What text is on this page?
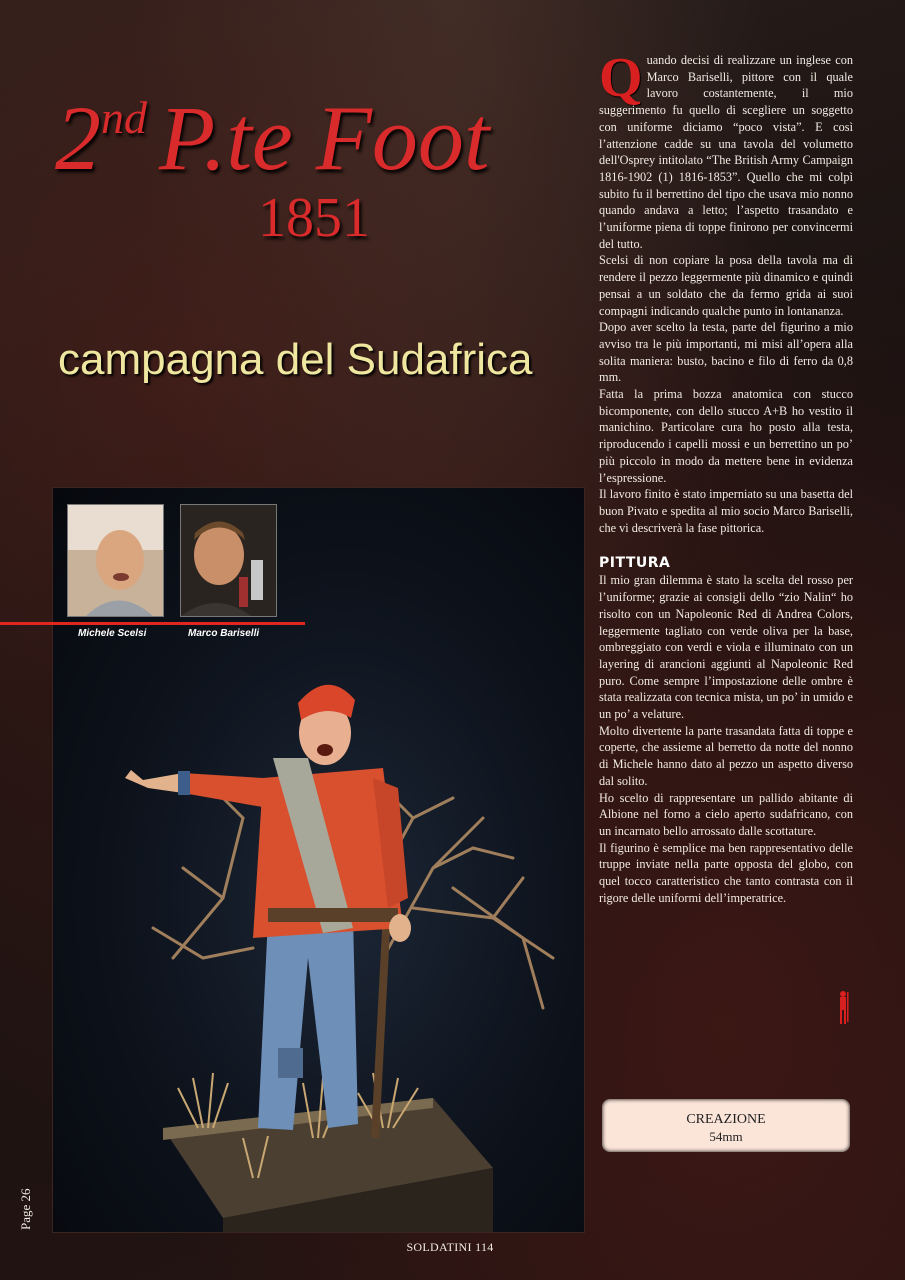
2nd P.te Foot
1851
campagna del Sudafrica
Michele Scelsi	Marco Bariselli

Quando decisi di realizzare un inglese con Marco Bariselli, pittore con il quale lavoro costantemente, il mio suggerimento fu quello di scegliere un soggetto con uniforme diciamo “poco vista”. E così l’attenzione cadde su una tavola del volumetto dell'Osprey intitolato “The British Army Campaign 1816-1902 (1) 1816-1853”. Quello che mi colpì subito fu il berrettino del tipo che usava mio nonno quando andava a letto; l’aspetto trasandato e l’uniforme piena di toppe finirono per convincermi del tutto.

Scelsi di non copiare la posa della tavola ma di rendere il pezzo leggermente più dinamico e quindi pensai a un soldato che da fermo grida ai suoi compagni indicando qualche punto in lontananza.

Dopo aver scelto la testa, parte del figurino a mio avviso tra le più importanti, mi misi all’opera alla solita maniera: busto, bacino e filo di ferro da 0,8 mm.

Fatta la prima bozza anatomica con stucco bicomponente, con dello stucco A+B ho vestito il manichino. Particolare cura ho posto alla testa, riproducendo i capelli mossi e un berrettino un po’ più piccolo in modo da mettere bene in evidenza l’espressione.

Il lavoro finito è stato imperniato su una basetta del buon Pivato e spedita al mio socio Marco Bariselli, che vi descriverà la fase pittorica.

PITTURA

Il mio gran dilemma è stato la scelta del rosso per l’uniforme; grazie ai consigli dello “zio Nalin“ ho risolto con un Napoleonic Red di Andrea Colors, leggermente tagliato con verde oliva per la base, ombreggiato con verdi e viola e illuminato con un layering di arancioni aggiunti al Napoleonic Red puro. Come sempre l’impostazione delle ombre è stata realizzata con tecnica mista, un po’ in umido e un po’ a velature.

Molto divertente la parte trasandata fatta di toppe e coperte, che assieme al berretto da notte del nonno di Michele hanno dato al pezzo un aspetto diverso dal solito.

Ho scelto di rappresentare un pallido abitante di Albione nel forno a cielo aperto sudafricano, con un incarnato bello arrossato dalle scottature.

Il figurino è semplice ma ben rappresentativo delle truppe inviate nella parte opposta del globo, con quel tocco caratteristico che tanto contrasta con il rigore delle uniformi dell’imperatrice.

CREAZIONE
54mm
Page 26
SOLDATINI 114
